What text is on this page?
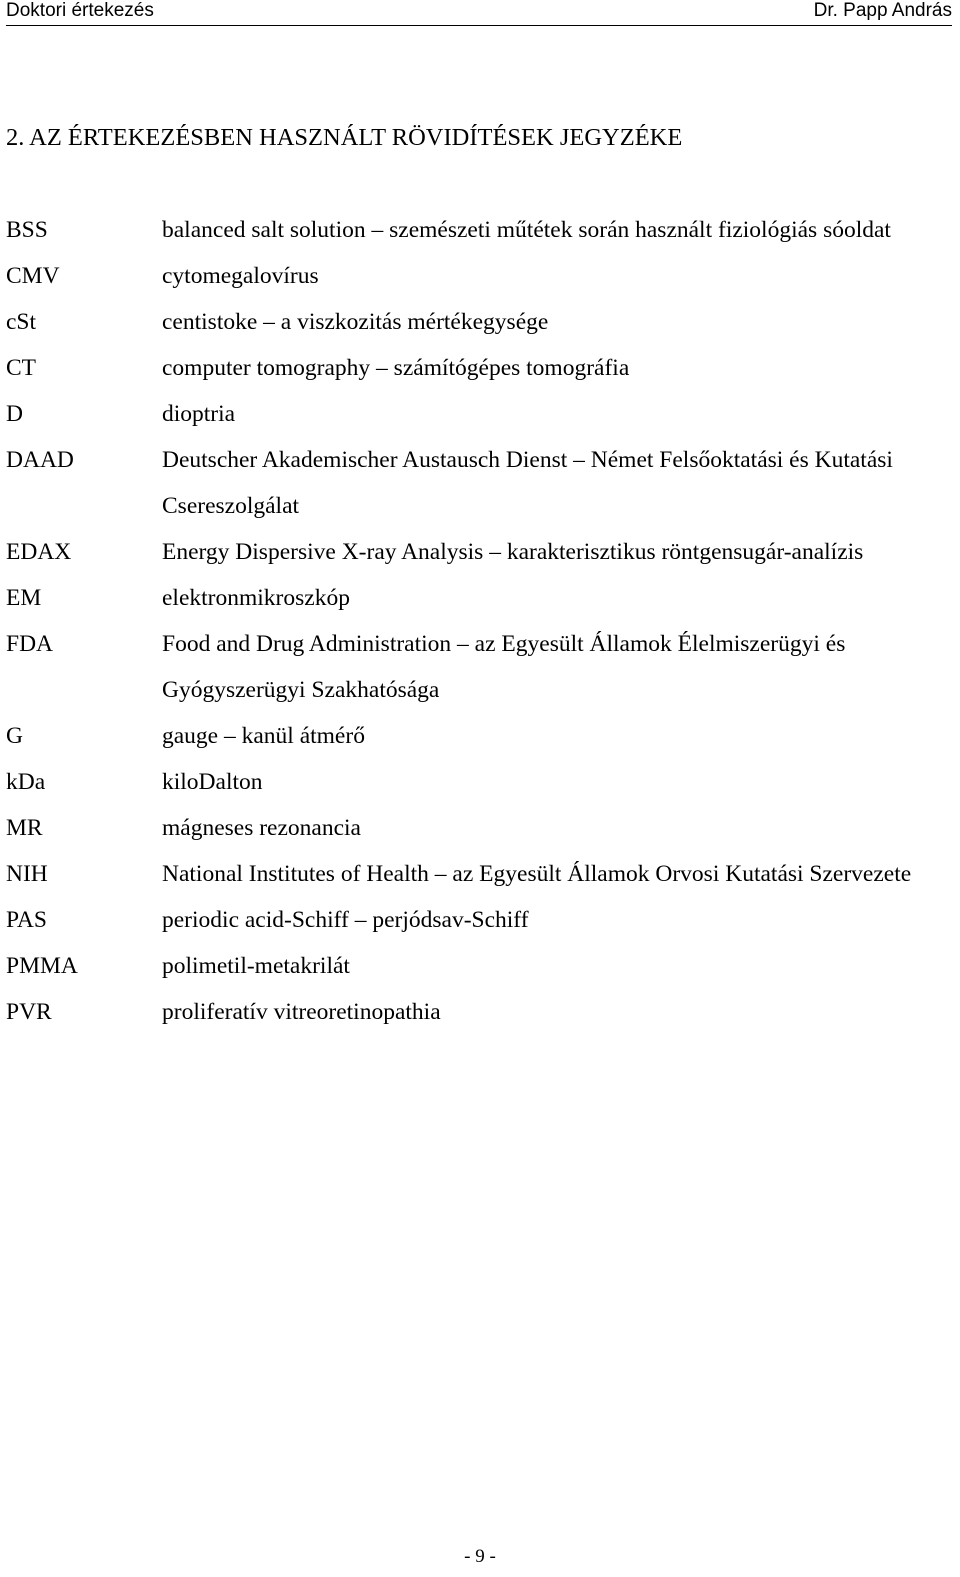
Doktori értekezés	Dr. Papp András
2. AZ ÉRTEKEZÉSBEN HASZNÁLT RÖVIDÍTÉSEK JEGYZÉKE
BSS	balanced salt solution – szemészeti műtétek során használt fiziológiás sóoldat
CMV	cytomegalovírus
cSt	centistoke – a viszkozitás mértékegysége
CT	computer tomography – számítógépes tomográfia
D	dioptria
DAAD	Deutscher Akademischer Austausch Dienst – Német Felsőoktatási és Kutatási Csereszolgálat
EDAX	Energy Dispersive X-ray Analysis – karakterisztikus röntgensugár-analízis
EM	elektronmikroszkóp
FDA	Food and Drug Administration – az Egyesült Államok Élelmiszerügyi és Gyógyszerügyi Szakhatósága
G	gauge – kanül átmérő
kDa	kiloDalton
MR	mágneses rezonancia
NIH	National Institutes of Health – az Egyesült Államok Orvosi Kutatási Szervezete
PAS	periodic acid-Schiff – perjódsav-Schiff
PMMA	polimetil-metakrilát
PVR	proliferatív vitreoretinopathia
- 9 -
